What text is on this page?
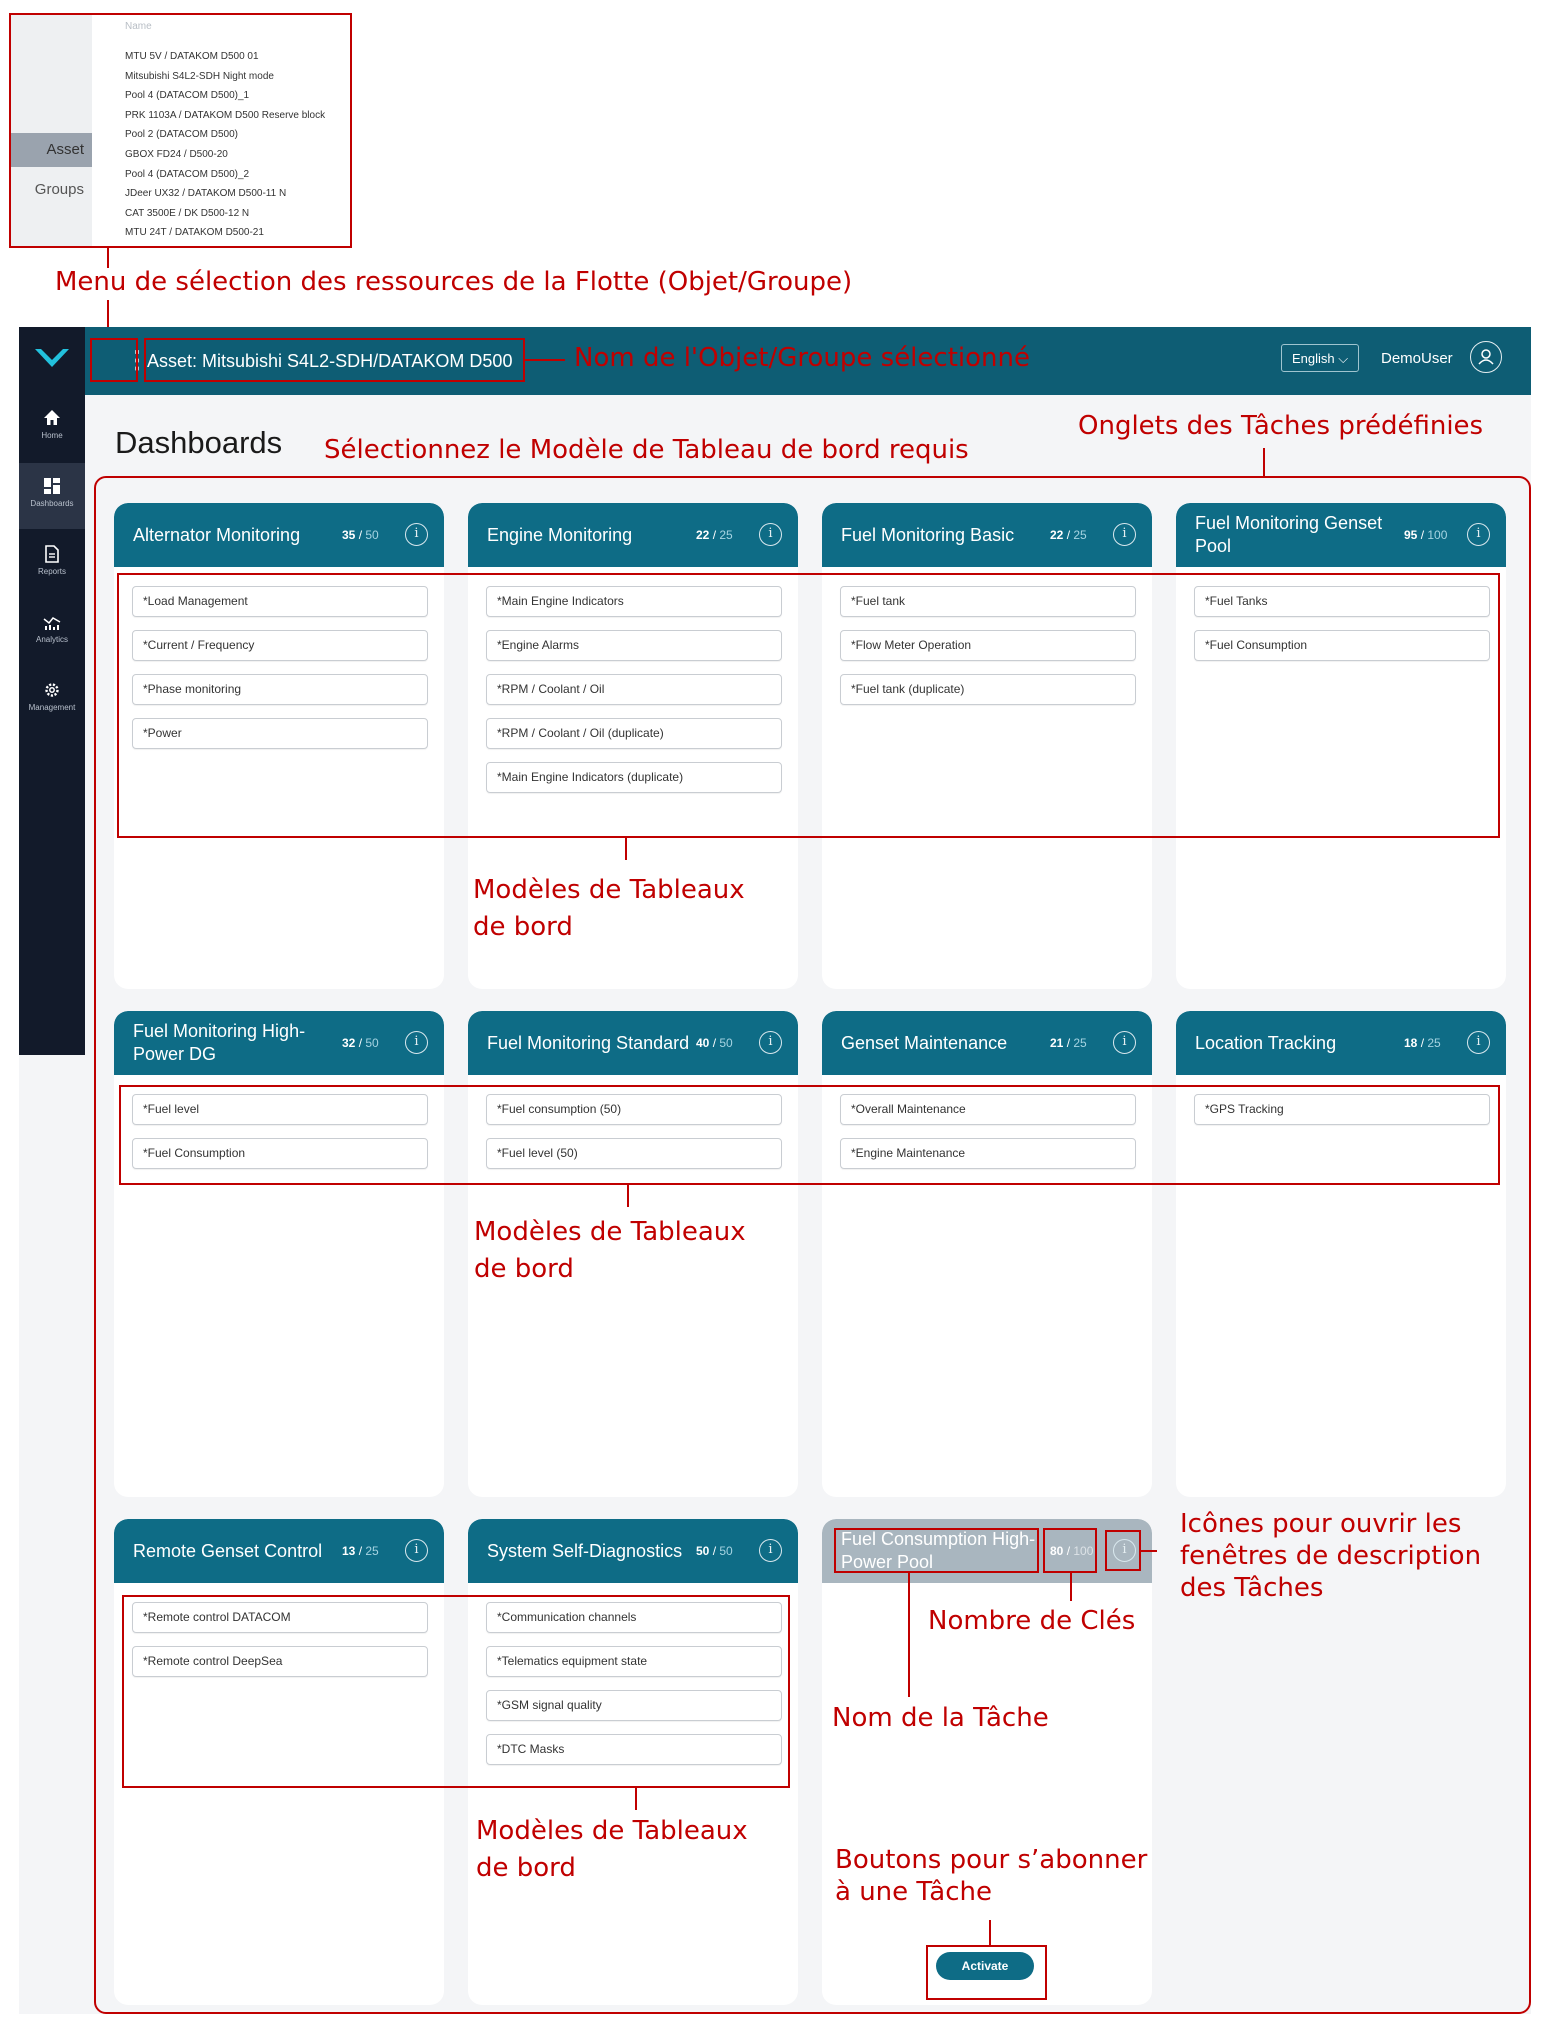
Asset
Groups
Name
MTU 5V / DATAKOM D500 01
Mitsubishi S4L2-SDH Night mode
Pool 4 (DATACOM D500)_1
PRK 1103A / DATAKOM D500 Reserve block
Pool 2 (DATACOM D500)
GBOX FD24 / D500-20
Pool 4 (DATACOM D500)_2
JDeer UX32 / DATAKOM D500-11 N
CAT 3500E / DK D500-12 N
MTU 24T / DATAKOM D500-21
Menu de sélection des ressources de la Flotte (Objet/Groupe)
Home
Dashboards
Reports
Analytics
Management
⋮
Asset: Mitsubishi S4L2-SDH/DATAKOM D500	English ⌵	DemoUser
Dashboards
Alternator Monitoring	35 / 50	i
*Load Management
*Current / Frequency
*Phase monitoring
*Power
Engine Monitoring	22 / 25	i
*Main Engine Indicators
*Engine Alarms
*RPM / Coolant / Oil
*RPM / Coolant / Oil (duplicate)
*Main Engine Indicators (duplicate)
Fuel Monitoring Basic	22 / 25	i
*Fuel tank
*Flow Meter Operation
*Fuel tank (duplicate)
Fuel Monitoring Genset Pool
95 / 100	i
*Fuel Tanks
*Fuel Consumption
Fuel Monitoring High-Power DG
32 / 50	i
*Fuel level
*Fuel Consumption
Fuel Monitoring Standard 40 / 50	i
*Fuel consumption (50)
*Fuel level (50)
Genset Maintenance	21 / 25	i
*Overall Maintenance
*Engine Maintenance
Location Tracking	18 / 25	i
*GPS Tracking
Remote Genset Control	13 / 25	i
*Remote control DATACOM
*Remote control DeepSea
System Self-Diagnostics	50 / 50	i
*Communication channels
*Telematics equipment state
*GSM signal quality
*DTC Masks
Fuel Consumption High-Power Pool
80 / 100	i
Activate
Nom de l'Objet/Groupe sélectionné
Sélectionnez le Modèle de Tableau de bord requis
Onglets des Tâches prédéfinies
Modèles de Tableaux de bord
Modèles de Tableaux de bord
Modèles de Tableaux de bord
Icônes pour ouvrir les fenêtres de description des Tâches
Nombre de Clés
Nom de la Tâche
Boutons pour s’abonner à une Tâche
